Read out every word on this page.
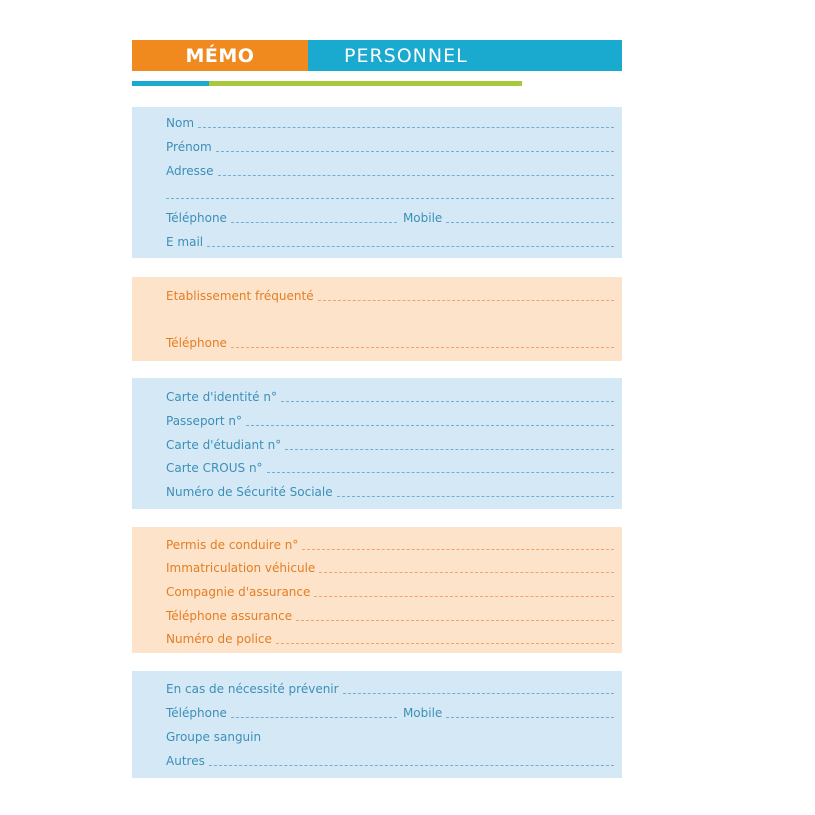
MÉMO	PERSONNEL
Nom
Prénom
Adresse
Téléphone	Mobile
E mail
Etablissement fréquenté
Téléphone
Carte d'identité n°
Passeport n°
Carte d'étudiant n°
Carte CROUS n°
Numéro de Sécurité Sociale
Permis de conduire n°
Immatriculation véhicule
Compagnie d'assurance
Téléphone assurance
Numéro de police
En cas de nécessité prévenir
Téléphone	Mobile
Groupe sanguin
Autres
